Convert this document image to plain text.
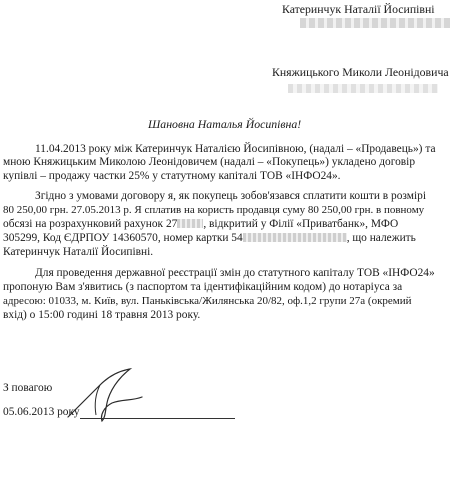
Катеринчук Наталії Йосипівні
Княжицького Миколи Леонідовича
Шановна Наталья Йосипівна!
11.04.2013 року між Катеринчук Наталією Йосипівною, (надалі – «Продавець») та
мною Княжицьким Миколою Леонідовичем (надалі – «Покупець») укладено договір
купівлі – продажу частки 25% у статутному капіталі ТОВ «ІНФО24».
Згідно з умовами договору я, як покупець зобов'язався сплатити кошти в розмірі
80 250,00 грн. 27.05.2013 р. Я сплатив на користь продавця суму 80 250,00 грн. в повному
обсязі на розрахунковий рахунок 27 , відкритий у Філії «Приватбанк», МФО
305299, Код ЄДРПОУ 14360570, номер картки 54	, що належить
Катеринчук Наталії Йосипівні.
Для проведення державної реєстрації змін до статутного капіталу ТОВ «ІНФО24»
пропоную Вам з'явитись (з паспортом та ідентифікаційним кодом) до нотаріуса за
адресою: 01033, м. Київ, вул. Паньківська/Жилянська 20/82, оф.1,2 групи 27а (окремий
вхід) о 15:00 годині 18 травня 2013 року.
З повагою
05.06.2013 року
